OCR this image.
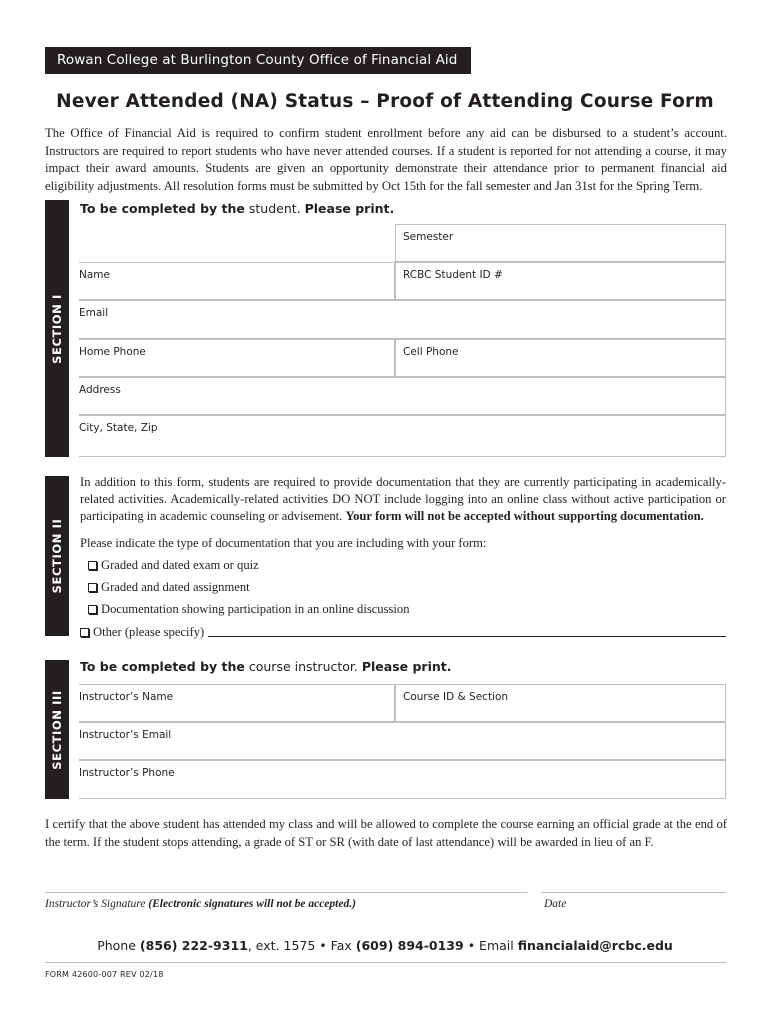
Rowan College at Burlington County Office of Financial Aid
Never Attended (NA) Status – Proof of Attending Course Form
The Office of Financial Aid is required to confirm student enrollment before any aid can be disbursed to a student’s account. Instructors are required to report students who have never attended courses. If a student is reported for not attending a course, it may impact their award amounts. Students are given an opportunity demonstrate their attendance prior to permanent financial aid eligibility adjustments. All resolution forms must be submitted by Oct 15th for the fall semester and Jan 31st for the Spring Term.
SECTION I
To be completed by the student. Please print.
Semester
Name	RCBC Student ID #
Email
Home Phone	Cell Phone
Address
City, State, Zip
SECTION II
In addition to this form, students are required to provide documentation that they are currently participating in academically-related activities. Academically-related activities DO NOT include logging into an online class without active participation or participating in academic counseling or advisement. Your form will not be accepted without supporting documentation.
Please indicate the type of documentation that you are including with your form:
Graded and dated exam or quiz
Graded and dated assignment
Documentation showing participation in an online discussion
Other (please specify)
SECTION III
To be completed by the course instructor. Please print.
Instructor’s Name	Course ID & Section
Instructor’s Email
Instructor’s Phone
I certify that the above student has attended my class and will be allowed to complete the course earning an official grade at the end of the term. If the student stops attending, a grade of ST or SR (with date of last attendance) will be awarded in lieu of an F.
Instructor’s Signature (Electronic signatures will not be accepted.)	Date
Phone (856) 222-9311, ext. 1575 • Fax (609) 894-0139 • Email financialaid@rcbc.edu
FORM 42600-007 REV 02/18
